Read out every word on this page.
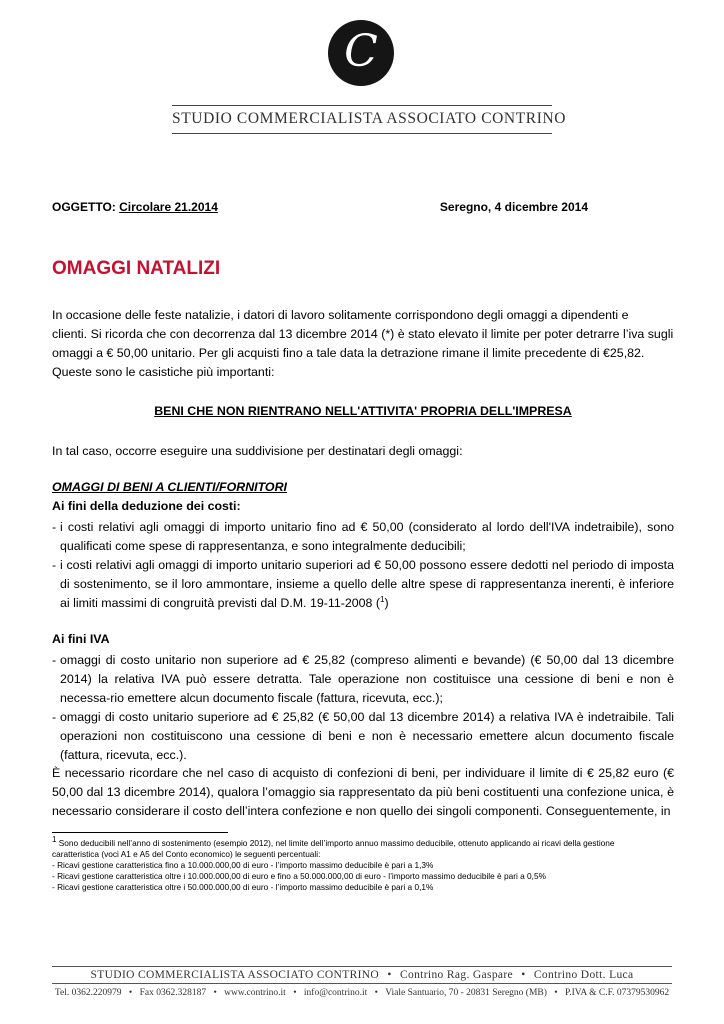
C
STUDIO COMMERCIALISTA ASSOCIATO CONTRINO
OGGETTO: Circolare 21.2014	Seregno, 4 dicembre 2014
OMAGGI NATALIZI

In occasione delle feste natalizie, i datori di lavoro solitamente corrispondono degli omaggi a dipendenti e

clienti. Si ricorda che con decorrenza dal 13 dicembre 2014 (*) è stato elevato il limite per poter detrarre l’iva sugli

omaggi a € 50,00 unitario. Per gli acquisti fino a tale data la detrazione rimane il limite precedente di €25,82.

Queste sono le casistiche più importanti:

BENI CHE NON RIENTRANO NELL'ATTIVITA' PROPRIA DELL'IMPRESA

In tal caso, occorre eseguire una suddivisione per destinatari degli omaggi:

OMAGGI DI BENI A CLIENTI/FORNITORI
Ai fini della deduzione dei costi:
- i costi relativi agli omaggi di importo unitario fino ad € 50,00 (considerato al lordo dell'IVA indetraibile), sono qualificati come spese di rappresentanza, e sono integralmente deducibili;
- i costi relativi agli omaggi di importo unitario superiori ad € 50,00 possono essere dedotti nel periodo di imposta di sostenimento, se il loro ammontare, insieme a quello delle altre spese di rappresentanza inerenti, è inferiore ai limiti massimi di congruità previsti dal D.M. 19-11-2008 ($^1$)
Ai fini IVA
- omaggi di costo unitario non superiore ad € 25,82 (compreso alimenti e bevande) (€ 50,00 dal 13 dicembre 2014) la relativa IVA può essere detratta. Tale operazione non costituisce una cessione di beni e non è necessa-rio emettere alcun documento fiscale (fattura, ricevuta, ecc.);
- omaggi di costo unitario superiore ad € 25,82 (€ 50,00 dal 13 dicembre 2014) a relativa IVA è indetraibile. Tali operazioni non costituiscono una cessione di beni e non è necessario emettere alcun documento fiscale (fattura, ricevuta, ecc.).

È necessario ricordare che nel caso di acquisto di confezioni di beni, per individuare il limite di € 25,82 euro (€ 50,00 dal 13 dicembre 2014), qualora l’omaggio sia rappresentato da più beni costituenti una confezione unica, è necessario considerare il costo dell’intera confezione e non quello dei singoli componenti. Conseguentemente, in

$^1$ Sono deducibili nell’anno di sostenimento (esempio 2012), nel limite dell’importo annuo massimo deducibile, ottenuto applicando ai ricavi della gestione

caratteristica (voci A1 e A5 del Conto economico) le seguenti percentuali:

- Ricavi gestione caratteristica fino a 10.000.000,00 di euro - l’importo massimo deducibile è pari a 1,3%

- Ricavi gestione caratteristica oltre i 10.000.000,00 di euro e fino a 50.000.000,00 di euro - l’importo massimo deducibile è pari a 0,5%

- Ricavi gestione caratteristica oltre i 50.000.000,00 di euro - l’importo massimo deducibile è pari a 0,1%

STUDIO COMMERCIALISTA ASSOCIATO CONTRINO • Contrino Rag. Gaspare • Contrino Dott. Luca
Tel. 0362.220979 • Fax 0362.328187 • www.contrino.it • info@contrino.it • Viale Santuario, 70 - 20831 Seregno (MB) • P.IVA & C.F. 07379530962
